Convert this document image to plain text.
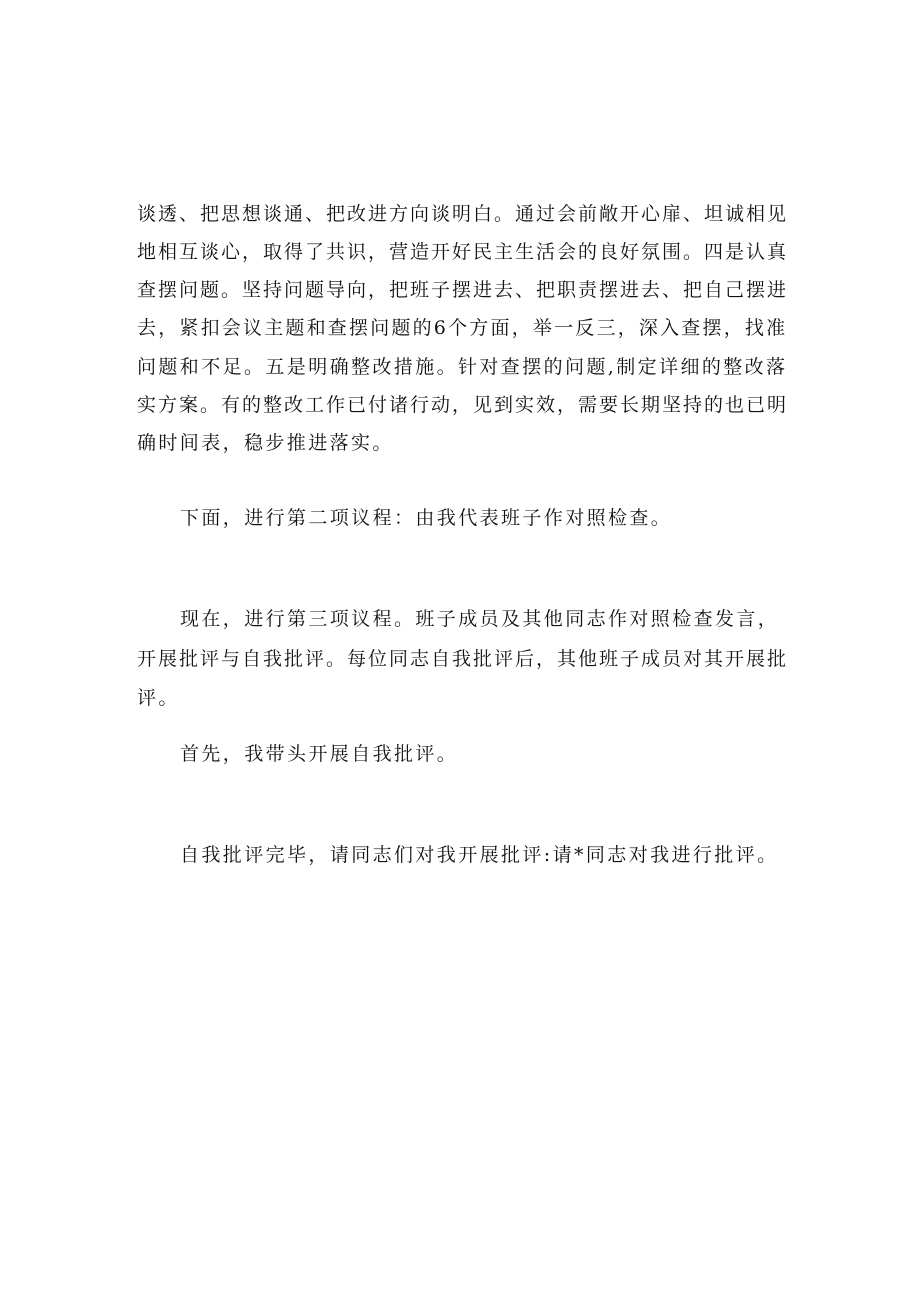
谈透、把思想谈通、把改进方向谈明白。通过会前敞开心扉、坦诚相见
地相互谈心，取得了共识，营造开好民主生活会的良好氛围。四是认真
查摆问题。坚持问题导向，把班子摆进去、把职责摆进去、把自己摆进
去，紧扣会议主题和查摆问题的6个方面，举一反三，深入查摆，找准
问题和不足。五是明确整改措施。针对查摆的问题,制定详细的整改落
实方案。有的整改工作已付诸行动，见到实效，需要长期坚持的也已明
确时间表，稳步推进落实。
下面，进行第二项议程：由我代表班子作对照检查。
现在，进行第三项议程。班子成员及其他同志作对照检查发言，
开展批评与自我批评。每位同志自我批评后，其他班子成员对其开展批
评。
首先，我带头开展自我批评。
自我批评完毕，请同志们对我开展批评:请*同志对我进行批评。
